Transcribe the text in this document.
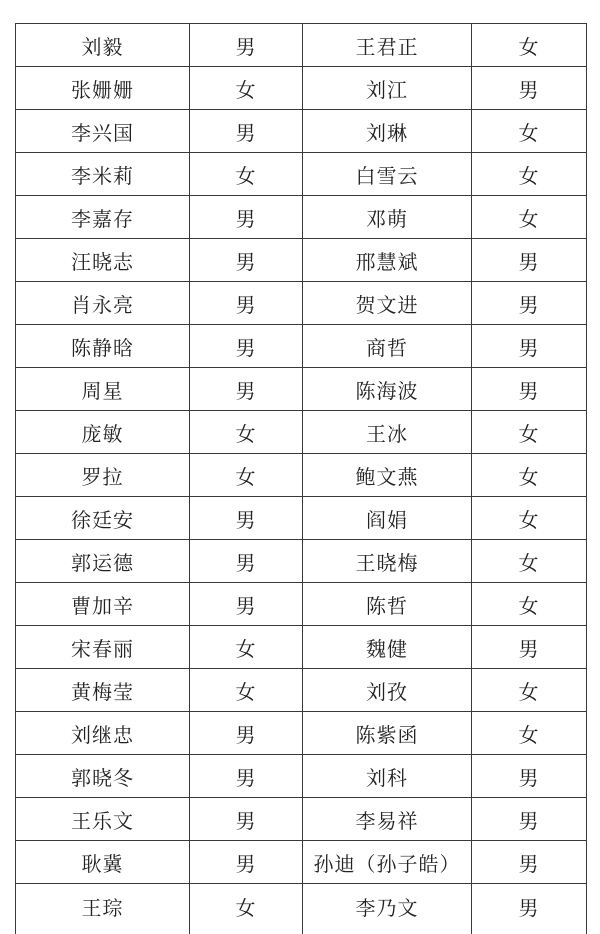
刘毅	男	王君正	女
张姗姗	女	刘江	男
李兴国	男	刘琳	女
李米莉	女	白雪云	女
李嘉存	男	邓萌	女
汪晓志	男	邢慧斌	男
肖永亮	男	贺文进	男
陈静晗	男	商哲	男
周星	男	陈海波	男
庞敏	女	王冰	女
罗拉	女	鲍文燕	女
徐廷安	男	阎娟	女
郭运德	男	王晓梅	女
曹加辛	男	陈哲	女
宋春丽	女	魏健	男
黄梅莹	女	刘孜	女
刘继忠	男	陈紫函	女
郭晓冬	男	刘科	男
王乐文	男	李易祥	男
耿冀	男	孙迪（孙子皓）	男
王琮	女	李乃文	男
